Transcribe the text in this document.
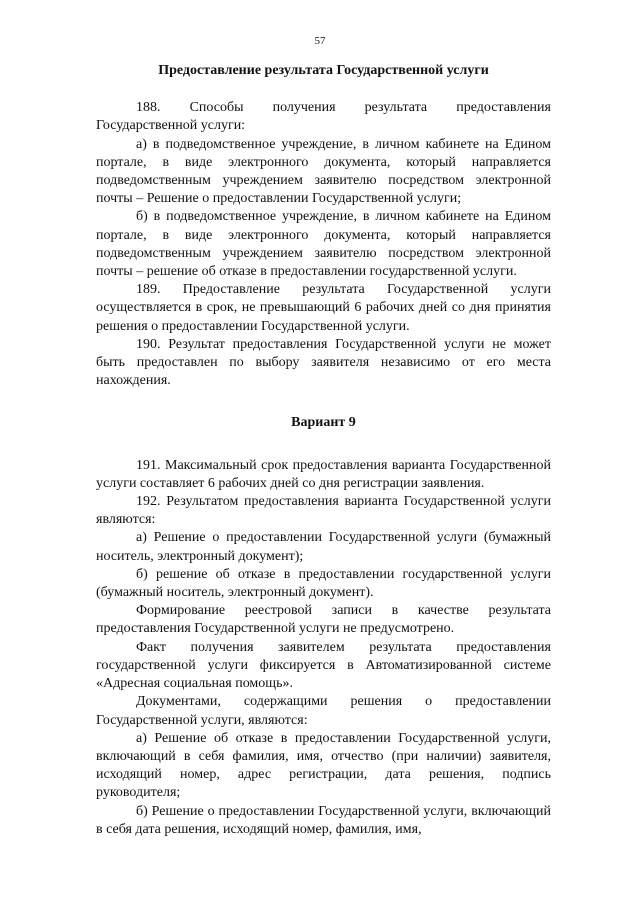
57
Предоставление результата Государственной услуги

188. Способы получения результата предоставления Государственной услуги:

а) в подведомственное учреждение, в личном кабинете на Едином портале, в виде электронного документа, который направляется подведомственным учреждением заявителю посредством электронной почты – Решение о предоставлении Государственной услуги;

б) в подведомственное учреждение, в личном кабинете на Едином портале, в виде электронного документа, который направляется подведомственным учреждением заявителю посредством электронной почты – решение об отказе в предоставлении государственной услуги.

189. Предоставление результата Государственной услуги осуществляется в срок, не превышающий 6 рабочих дней со дня принятия решения о предоставлении Государственной услуги.

190. Результат предоставления Государственной услуги не может быть предоставлен по выбору заявителя независимо от его места нахождения.

Вариант 9

191. Максимальный срок предоставления варианта Государственной услуги составляет 6 рабочих дней со дня регистрации заявления.

192. Результатом предоставления варианта Государственной услуги являются:

а) Решение о предоставлении Государственной услуги (бумажный носитель, электронный документ);

б) решение об отказе в предоставлении государственной услуги (бумажный носитель, электронный документ).

Формирование реестровой записи в качестве результата предоставления Государственной услуги не предусмотрено.

Факт получения заявителем результата предоставления государственной услуги фиксируется в Автоматизированной системе «Адресная социальная помощь».

Документами, содержащими решения о предоставлении Государственной услуги, являются:

а) Решение об отказе в предоставлении Государственной услуги, включающий в себя фамилия, имя, отчество (при наличии) заявителя, исходящий номер, адрес регистрации, дата решения, подпись руководителя;

б) Решение о предоставлении Государственной услуги, включающий в себя дата решения, исходящий номер, фамилия, имя,
